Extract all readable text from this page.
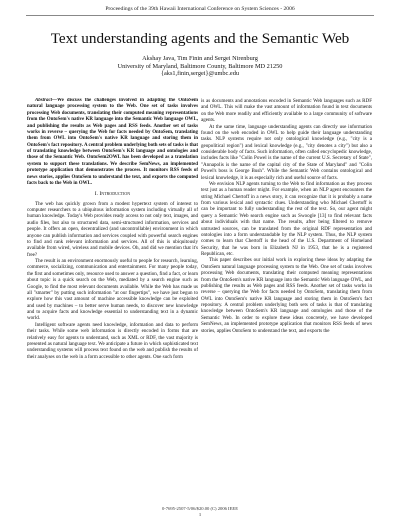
Proceedings of the 39th Hawaii International Conference on System Sciences - 2006
Text understanding agents and the Semantic Web
Akshay Java, Tim Finin and Sergei Nirenburg
University of Maryland, Baltimore County, Baltimore MD 21250
{aks1,finin,sergei}@umbc.edu

Abstract—We discuss the challenges involved in adapting the OntoSem natural language processing system to the Web. One set of tasks involves processing Web documents, translating their computed meaning representations from the OntoSem's native KR language into the Semantic Web language OWL, and publishing the results as Web pages and RSS feeds. Another set of tasks works in reverse – querying the Web for facts needed by OntoSem, translating them from OWL into OntoSem's native KR language and storing them in OntoSem's fact repository. A central problem underlying both sets of tasks is that of translating knowledge between OntoSem's KR language and ontologies and those of the Semantic Web. OntoSem2OWL has been developed as a translation system to support these translations. We describe SemNews, an implemented prototype application that demonstrates the process. It monitors RSS feeds of news stories, applies OntoSem to understand the text, and exports the computed facts back to the Web in OWL.

I. Introduction

The web has quickly grown from a modest hypertext system of interest to computer researchers to a ubiquitous information system including virtually all of human knowledge. Today's Web provides ready access to not only text, images, and audio files, but also to structured data, semi-structured information, services and people. It offers an open, decentralized (and uncontrollable) environment in which anyone can publish information and services coupled with powerful search engines to find and rank relevant information and services. All of this is ubiquitously available from wired, wireless and mobile devices. Oh, and did we mention that it's free?

The result is an environment enormously useful to people for research, learning, commerce, socializing, communication and entertainment. For many people today, the first and sometimes only, resource used to answer a question, find a fact, or learn about topic is a quick search on the Web, mediated by a search engine such as Google, to find the most relevant documents available. While the Web has made us all "smarter" by putting such information "at our fingertips", we have just begun to explore how this vast amount of machine accessible knowledge can be exploited and used by machines – to better serve human needs, to discover new knowledge and to acquire facts and knowledge essential to understanding text in a dynamic world.

Intelligent software agents need knowledge, information and data to perform their tasks. While some web information is directly encoded in forms that are relatively easy for agents to understand, such as XML or RDF, the vast majority is presented as natural language text. We anticipate a future in which sophisticated text understanding systems will process text found on the web and publish the results of their analyses on the web in a form accessible to other agents. One such form

is as documents and annotations encoded in Semantic Web languages such as RDF and OWL. This will make the vast amount of information found in text documents on the Web more readily and efficiently available to a large community of software agents.

At the same time, language understanding agents can directly use information found on the web encoded in OWL to help guide their language understanding tasks. NLP systems require not only ontological knowledge (e.g., "city is a geopolitical region") and lexical knowledge (e.g., "city denotes a city") but also a considerable body of facts. Such information, often called encyclopedic knowledge, includes facts like "Colin Powel is the name of the current U.S. Secretary of State", "Annapolis is the name of the capital city of the State of Maryland" and "Colin Powel's boss is George Bush". While the Semantic Web contains ontological and lexical knowledge, it is as especially rich and useful source of facts.

We envision NLP agents turning to the Web to find information as they process text just as a human reader might. For example, when an NLP agent encounters the string Michael Chertoff in a news story, it can recognize that it is probably a name from various lexical and syntactic clues. Understanding who Michael Chertoff is can be important to fully understanding the rest of the text. So, our agent might query a Semantic Web search engine such as Swoogle [13] to find relevant facts about individuals with that name. The results, after being filtered to remove untrusted sources, can be translated from the original RDF representation and ontologies into a form understandable by the NLP system. Thus, the NLP system comes to learn that Chertoff is the head of the U.S. Department of Homeland Security, that he was born in Elizabeth NJ in 1953, that he is a registered Republican, etc.

This paper describes our initial work in exploring these ideas by adapting the OntoSem natural language processing system to the Web. One set of tasks involves processing Web documents, translating their computed meaning representations from the OntoSem's native KR language into the Semantic Web language OWL, and publishing the results as Web pages and RSS feeds. Another set of tasks works in reverse – querying the Web for facts needed by OntoSem, translating them from OWL into OntoSem's native KR language and storing them in OntoSem's fact repository. A central problem underlying both sets of tasks is that of translating knowledge between OntoSem's KR language and ontologies and those of the Semantic Web. In order to explore these ideas concretely, we have developed SemNews, an implemented prototype application that monitors RSS feeds of news stories, applies OntoSem to understand the text, and exports the

0-7695-2507-5/06/$20.00 (C) 2006 IEEE
1
